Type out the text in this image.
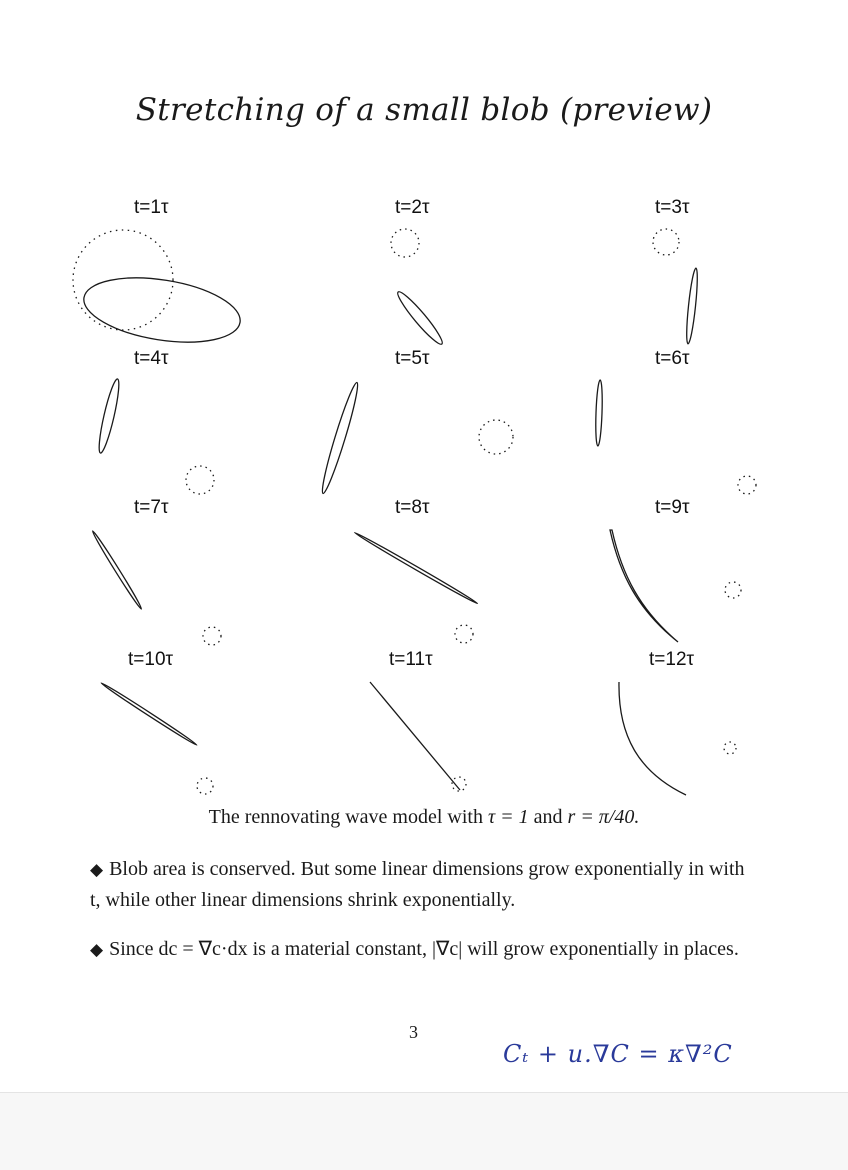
Stretching of a small blob (preview)
t=1τ	t=2τ	t=3τ
t=4τ	t=5τ	t=6τ
t=7τ	t=8τ	t=9τ
t=10τ	t=11τ	t=12τ
The rennovating wave model with τ = 1 and r = π/40.
◆ Blob area is conserved. But some linear dimensions grow exponentially in with t, while other linear dimensions shrink exponentially.
◆ Since dc = ∇c·dx is a material constant, |∇c| will grow exponentially in places.
3
Cₜ + u.∇C = κ∇²C
